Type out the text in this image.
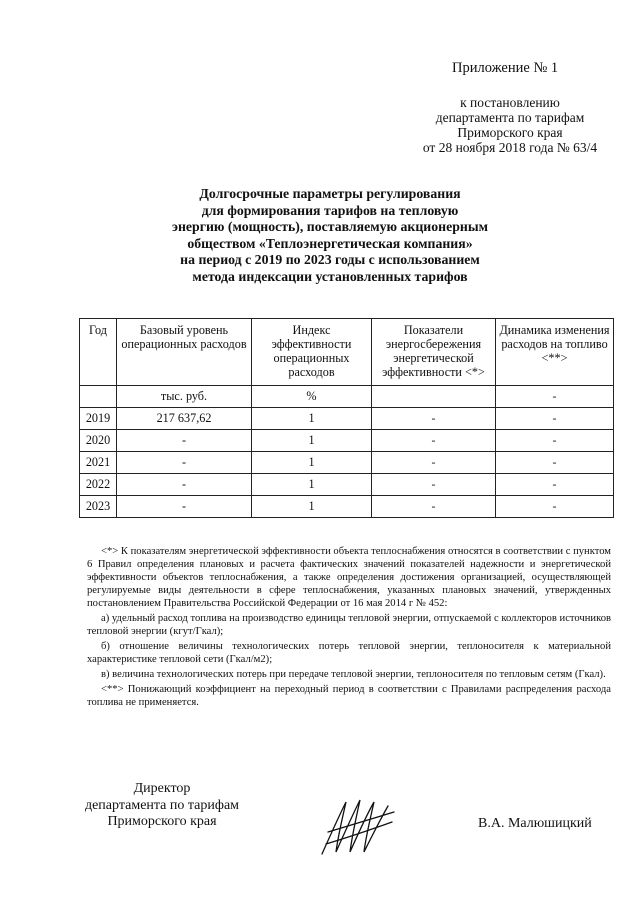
Приложение № 1
к постановлению
департамента по тарифам
Приморского края
от 28 ноября 2018 года № 63/4
Долгосрочные параметры регулирования
для формирования тарифов на тепловую
энергию (мощность), поставляемую акционерным
обществом «Теплоэнергетическая компания»
на период с 2019 по 2023 годы с использованием
метода индексации установленных тарифов
Год	Базовый уровень операционных расходов	Индекс эффективности операционных расходов	Показатели энергосбережения энергетической эффективности <*>	Динамика изменения расходов на топливо <**>
	тыс. руб.	%		-
2019	217 637,62	1	-	-
2020	-	1	-	-
2021	-	1	-	-
2022	-	1	-	-
2023	-	1	-	-

<*> К показателям энергетической эффективности объекта теплоснабжения относятся в соответствии с пунктом 6 Правил определения плановых и расчета фактических значений показателей надежности и энергетической эффективности объектов теплоснабжения, а также определения достижения организацией, осуществляющей регулируемые виды деятельности в сфере теплоснабжения, указанных плановых значений, утвержденных постановлением Правительства Российской Федерации от 16 мая 2014 г № 452:

а) удельный расход топлива на производство единицы тепловой энергии, отпускаемой с коллекторов источников тепловой энергии (кгут/Гкал);

б) отношение величины технологических потерь тепловой энергии, теплоносителя к материальной характеристике тепловой сети (Гкал/м2);

в) величина технологических потерь при передаче тепловой энергии, теплоносителя по тепловым сетям (Гкал).

<**> Понижающий коэффициент на переходный период в соответствии с Правилами распределения расхода топлива не применяется.

Директор
департамента по тарифам
Приморского края	В.А. Малюшицкий
